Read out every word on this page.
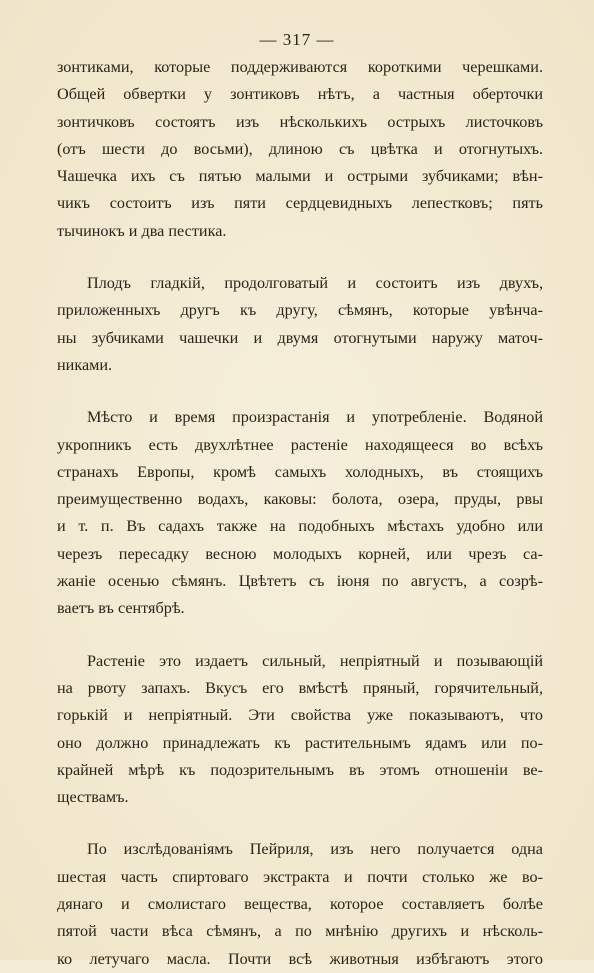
— 317 —
зонтиками, которые поддерживаются короткими черешками.
Общей обвертки у зонтиковъ нѣтъ, а частныя оберточки
зонтичковъ состоятъ изъ нѣсколькихъ острыхъ листочковъ
(отъ шести до восьми), длиною съ цвѣтка и отогнутыхъ.
Чашечка ихъ съ пятью малыми и острыми зубчиками; вѣн-
чикъ состоитъ изъ пяти сердцевидныхъ лепестковъ; пять
тычинокъ и два пестика.
Плодъ гладкій, продолговатый и состоитъ изъ двухъ,
приложенныхъ другъ къ другу, сѣмянъ, которые увѣнча-
ны зубчиками чашечки и двумя отогнутыми наружу маточ-
никами.
Мѣсто и время произрастанія и употребленіе. Водяной
укропникъ есть двухлѣтнее растеніе находящееся во всѣхъ
странахъ Европы, кромѣ самыхъ холодныхъ, въ стоящихъ
преимущественно водахъ, каковы: болота, озера, пруды, рвы
и т. п. Въ садахъ также на подобныхъ мѣстахъ удобно или
черезъ пересадку весною молодыхъ корней, или чрезъ са-
жаніе осенью сѣмянъ. Цвѣтетъ съ іюня по августъ, а созрѣ-
ваетъ въ сентябрѣ.
Растеніе это издаетъ сильный, непріятный и позывающій
на рвоту запахъ. Вкусъ его вмѣстѣ пряный, горячительный,
горькій и непріятный. Эти свойства уже показываютъ, что
оно должно принадлежать къ растительнымъ ядамъ или по-
крайней мѣрѣ къ подозрительнымъ въ этомъ отношеніи ве-
ществамъ.
По изслѣдованіямъ Пейриля, изъ него получается одна
шестая часть спиртоваго экстракта и почти столько же во-
дянаго и смолистаго вещества, которое составляетъ болѣе
пятой части вѣса сѣмянъ, а по мнѣнію другихъ и нѣсколь-
ко летучаго масла. Почти всѣ животныя избѣгаютъ этого
